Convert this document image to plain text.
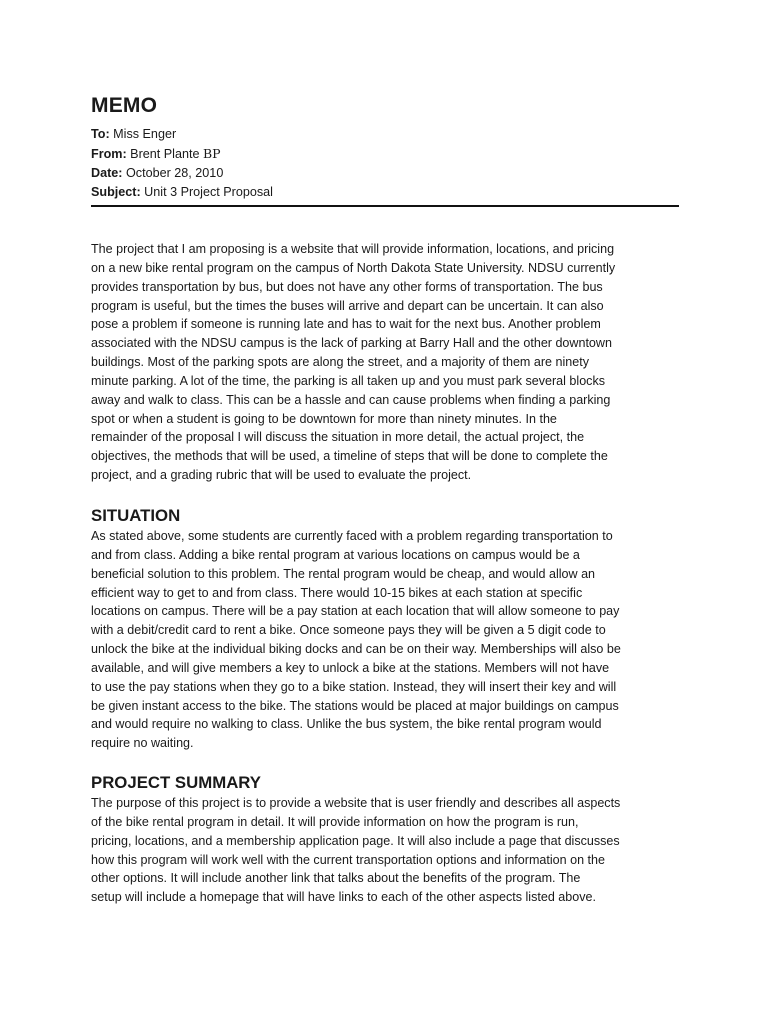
MEMO
To: Miss Enger
From: Brent Plante BP
Date: October 28, 2010
Subject: Unit 3 Project Proposal

The project that I am proposing is a website that will provide information, locations, and pricing
on a new bike rental program on the campus of North Dakota State University. NDSU currently
provides transportation by bus, but does not have any other forms of transportation. The bus
program is useful, but the times the buses will arrive and depart can be uncertain. It can also
pose a problem if someone is running late and has to wait for the next bus. Another problem
associated with the NDSU campus is the lack of parking at Barry Hall and the other downtown
buildings. Most of the parking spots are along the street, and a majority of them are ninety
minute parking. A lot of the time, the parking is all taken up and you must park several blocks
away and walk to class. This can be a hassle and can cause problems when finding a parking
spot or when a student is going to be downtown for more than ninety minutes. In the
remainder of the proposal I will discuss the situation in more detail, the actual project, the
objectives, the methods that will be used, a timeline of steps that will be done to complete the
project, and a grading rubric that will be used to evaluate the project.

SITUATION

As stated above, some students are currently faced with a problem regarding transportation to
and from class. Adding a bike rental program at various locations on campus would be a
beneficial solution to this problem. The rental program would be cheap, and would allow an
efficient way to get to and from class. There would 10-15 bikes at each station at specific
locations on campus. There will be a pay station at each location that will allow someone to pay
with a debit/credit card to rent a bike. Once someone pays they will be given a 5 digit code to
unlock the bike at the individual biking docks and can be on their way. Memberships will also be
available, and will give members a key to unlock a bike at the stations. Members will not have
to use the pay stations when they go to a bike station. Instead, they will insert their key and will
be given instant access to the bike. The stations would be placed at major buildings on campus
and would require no walking to class. Unlike the bus system, the bike rental program would
require no waiting.

PROJECT SUMMARY

The purpose of this project is to provide a website that is user friendly and describes all aspects
of the bike rental program in detail. It will provide information on how the program is run,
pricing, locations, and a membership application page. It will also include a page that discusses
how this program will work well with the current transportation options and information on the
other options. It will include another link that talks about the benefits of the program. The
setup will include a homepage that will have links to each of the other aspects listed above.
